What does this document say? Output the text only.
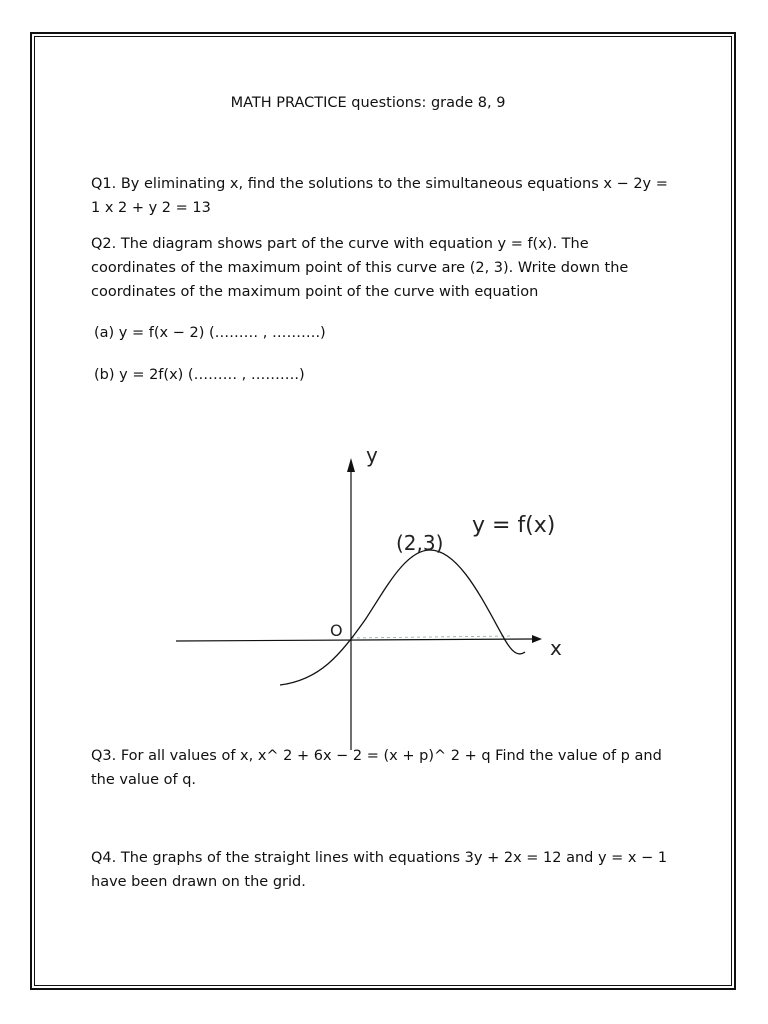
MATH PRACTICE questions: grade 8, 9

Q1. By eliminating x, find the solutions to the simultaneous equations x − 2y = 1 x 2 + y 2 = 13

Q2. The diagram shows part of the curve with equation y = f(x). The coordinates of the maximum point of this curve are (2, 3). Write down the coordinates of the maximum point of the curve with equation

(a) y = f(x − 2) (……… , ……….)

(b) y = 2f(x) (……… , ……….)

y
x
O
(2,3)
y = f(x)

Q3. For all values of x, x^ 2 + 6x − 2 = (x + p)^ 2 + q Find the value of p and the value of q.

Q4. The graphs of the straight lines with equations 3y + 2x = 12 and y = x − 1 have been drawn on the grid.
